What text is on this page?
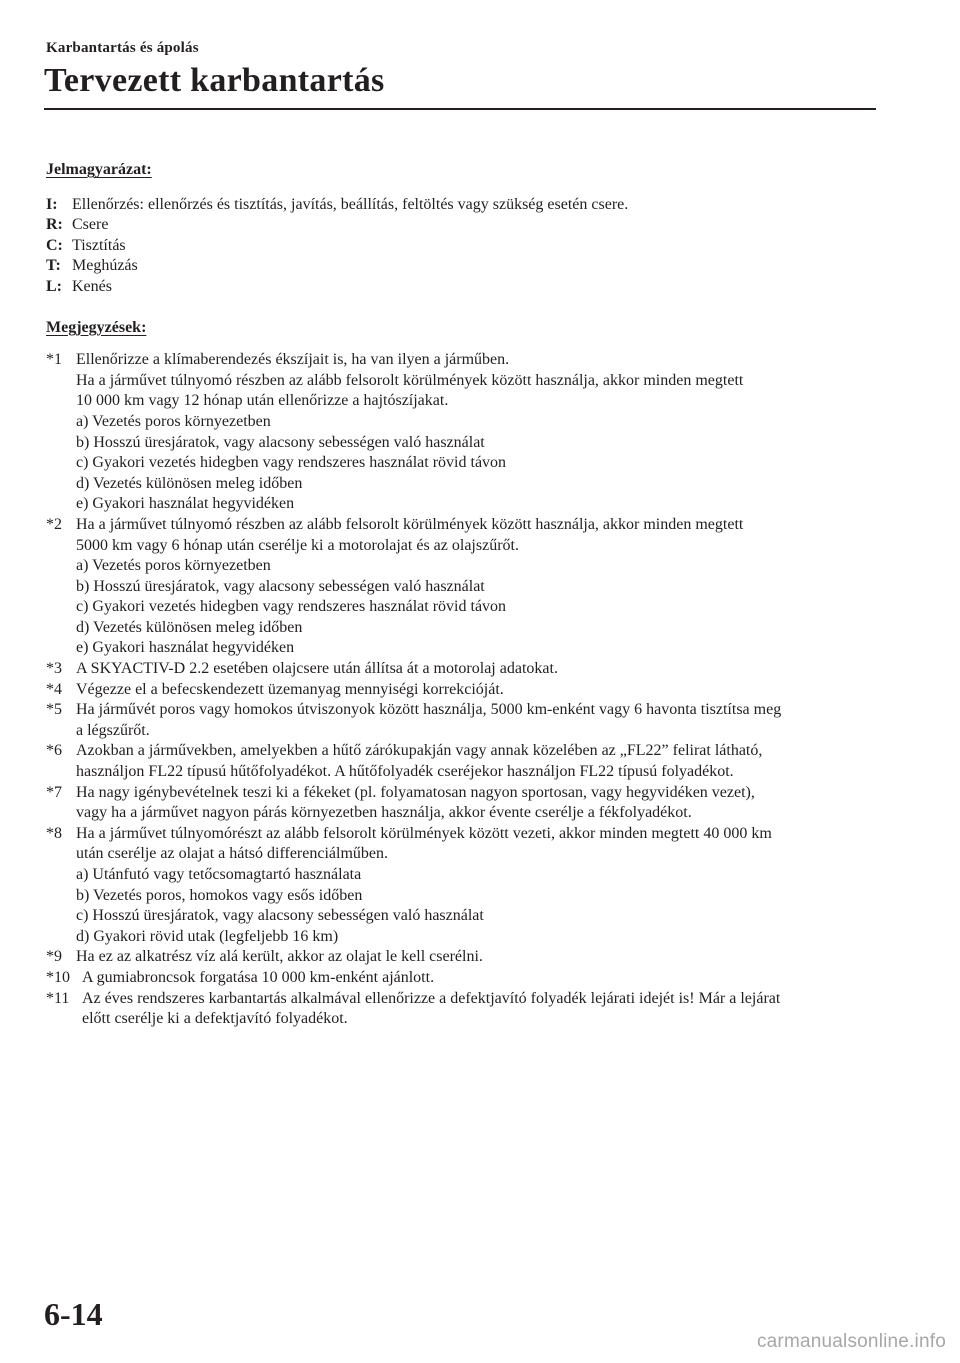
Karbantartás és ápolás
Tervezett karbantartás
Jelmagyarázat:
I: Ellenőrzés: ellenőrzés és tisztítás, javítás, beállítás, feltöltés vagy szükség esetén csere.
R: Csere
C: Tisztítás
T: Meghúzás
L: Kenés
Megjegyzések:
*1 Ellenőrizze a klímaberendezés ékszíjait is, ha van ilyen a járműben.
Ha a járművet túlnyomó részben az alább felsorolt körülmények között használja, akkor minden megtett
10 000 km vagy 12 hónap után ellenőrizze a hajtószíjakat.
a) Vezetés poros környezetben
b) Hosszú üresjáratok, vagy alacsony sebességen való használat
c) Gyakori vezetés hidegben vagy rendszeres használat rövid távon
d) Vezetés különösen meleg időben
e) Gyakori használat hegyvidéken
*2 Ha a járművet túlnyomó részben az alább felsorolt körülmények között használja, akkor minden megtett
5000 km vagy 6 hónap után cserélje ki a motorolajat és az olajszűrőt.
a) Vezetés poros környezetben
b) Hosszú üresjáratok, vagy alacsony sebességen való használat
c) Gyakori vezetés hidegben vagy rendszeres használat rövid távon
d) Vezetés különösen meleg időben
e) Gyakori használat hegyvidéken
*3 A SKYACTIV-D 2.2 esetében olajcsere után állítsa át a motorolaj adatokat.
*4 Végezze el a befecskendezett üzemanyag mennyiségi korrekcióját.
*5 Ha járművét poros vagy homokos útviszonyok között használja, 5000 km-enként vagy 6 havonta tisztítsa meg
a légszűrőt.
*6 Azokban a járművekben, amelyekben a hűtő zárókupakján vagy annak közelében az „FL22” felirat látható,
használjon FL22 típusú hűtőfolyadékot. A hűtőfolyadék cseréjekor használjon FL22 típusú folyadékot.
*7 Ha nagy igénybevételnek teszi ki a fékeket (pl. folyamatosan nagyon sportosan, vagy hegyvidéken vezet),
vagy ha a járművet nagyon párás környezetben használja, akkor évente cserélje a fékfolyadékot.
*8 Ha a járművet túlnyomórészt az alább felsorolt körülmények között vezeti, akkor minden megtett 40 000 km
után cserélje az olajat a hátsó differenciálműben.
a) Utánfutó vagy tetőcsomagtartó használata
b) Vezetés poros, homokos vagy esős időben
c) Hosszú üresjáratok, vagy alacsony sebességen való használat
d) Gyakori rövid utak (legfeljebb 16 km)
*9 Ha ez az alkatrész víz alá került, akkor az olajat le kell cserélni.
*10 A gumiabroncsok forgatása 10 000 km-enként ajánlott.
*11 Az éves rendszeres karbantartás alkalmával ellenőrizze a defektjavító folyadék lejárati idejét is! Már a lejárat
előtt cserélje ki a defektjavító folyadékot.
6-14
carmanualsonline.info
